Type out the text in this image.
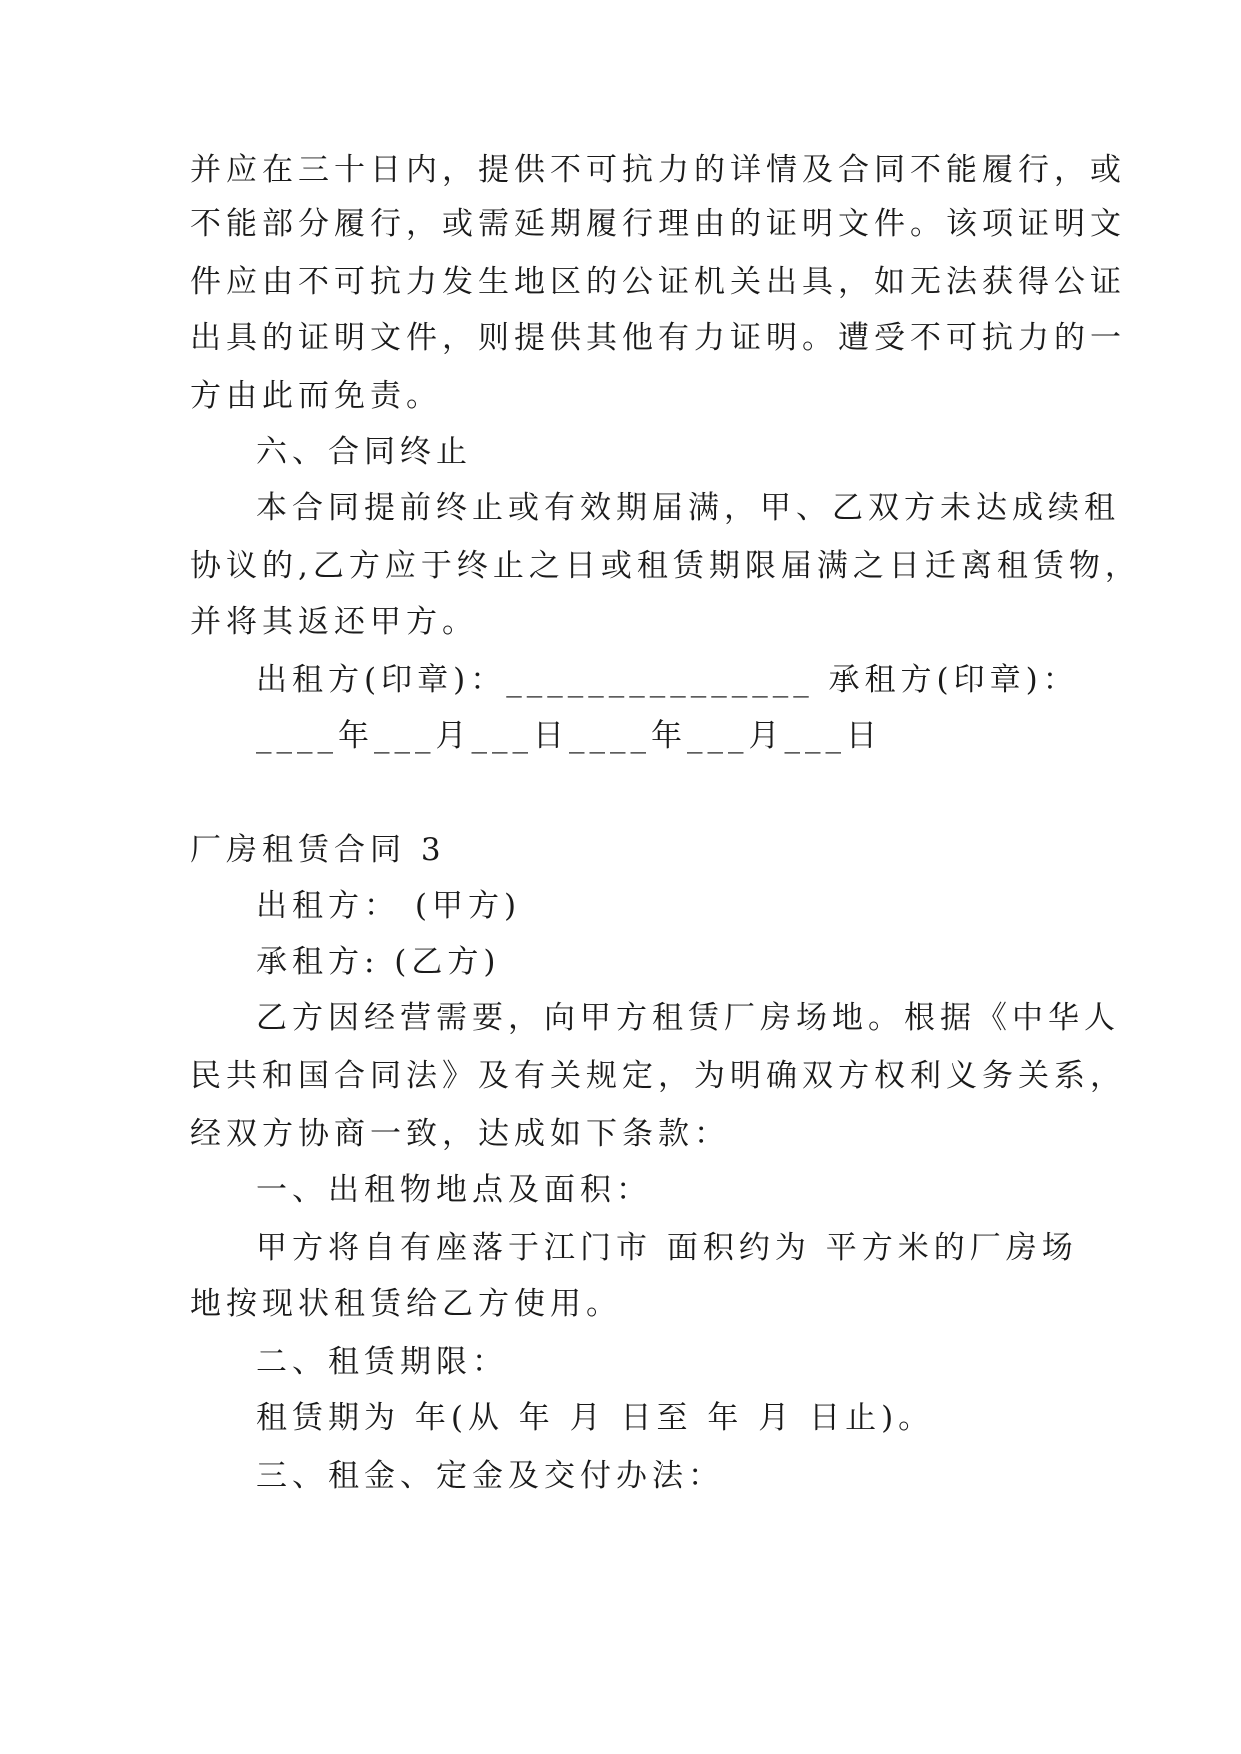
并应在三十日内，提供不可抗力的详情及合同不能履行，或
不能部分履行，或需延期履行理由的证明文件。该项证明文
件应由不可抗力发生地区的公证机关出具，如无法获得公证
出具的证明文件，则提供其他有力证明。遭受不可抗力的一
方由此而免责。
六、合同终止
本合同提前终止或有效期届满，甲、乙双方未达成续租
协议的,乙方应于终止之日或租赁期限届满之日迁离租赁物，
并将其返还甲方。
出租方(印章)：_______________ 承租方(印章)：
____年___月___日____年___月___日
厂房租赁合同 3
出租方： (甲方)
承租方: (乙方)
乙方因经营需要，向甲方租赁厂房场地。根据《中华人
民共和国合同法》及有关规定，为明确双方权利义务关系，
经双方协商一致，达成如下条款：
一、出租物地点及面积：
甲方将自有座落于江门市 面积约为 平方米的厂房场
地按现状租赁给乙方使用。
二、租赁期限：
租赁期为 年(从 年 月 日至 年 月 日止)。
三、租金、定金及交付办法：
